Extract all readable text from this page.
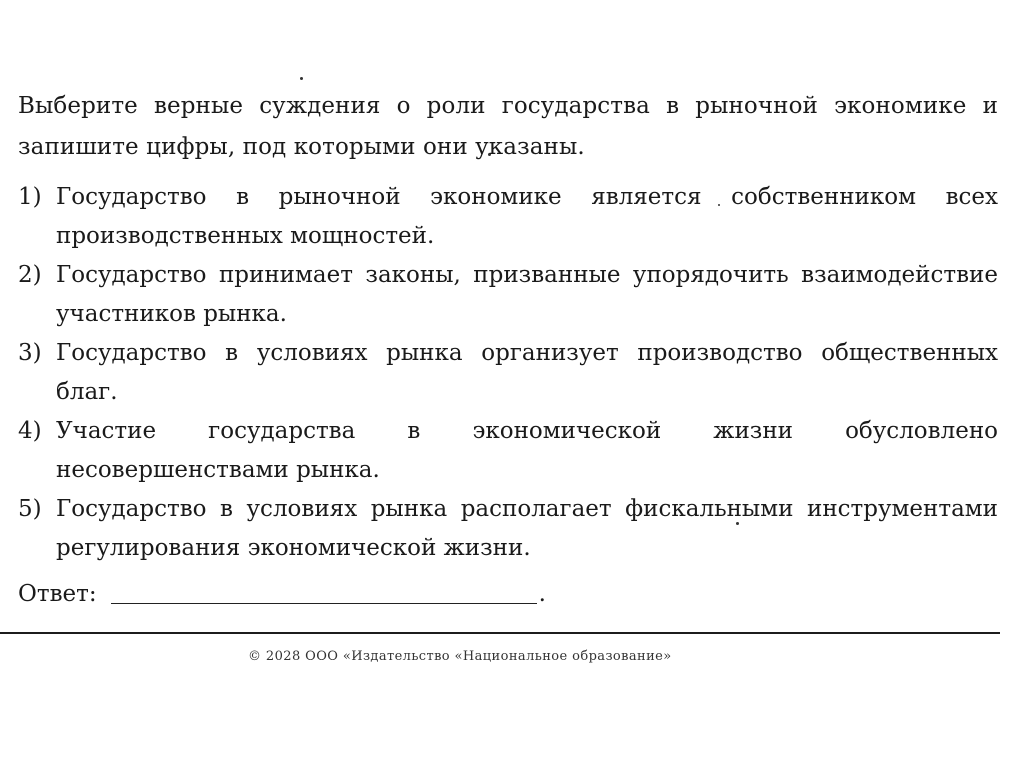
Выберите верные суждения о роли государства в рыночной экономике и запишите цифры, под которыми они указаны.

1) Государство в рыночной экономике является собственником всех производственных мощностей.
2) Государство принимает законы, призванные упорядочить взаимодействие участников рынка.
3) Государство в условиях рынка организует производство общественных благ.
4) Участие государства в экономической жизни обусловлено несовершенствами рынка.
5) Государство в условиях рынка располагает фискальными инструментами регулирования экономической жизни.
Ответ:	.
© 2028 ООО «Издательство «Национальное образование»
